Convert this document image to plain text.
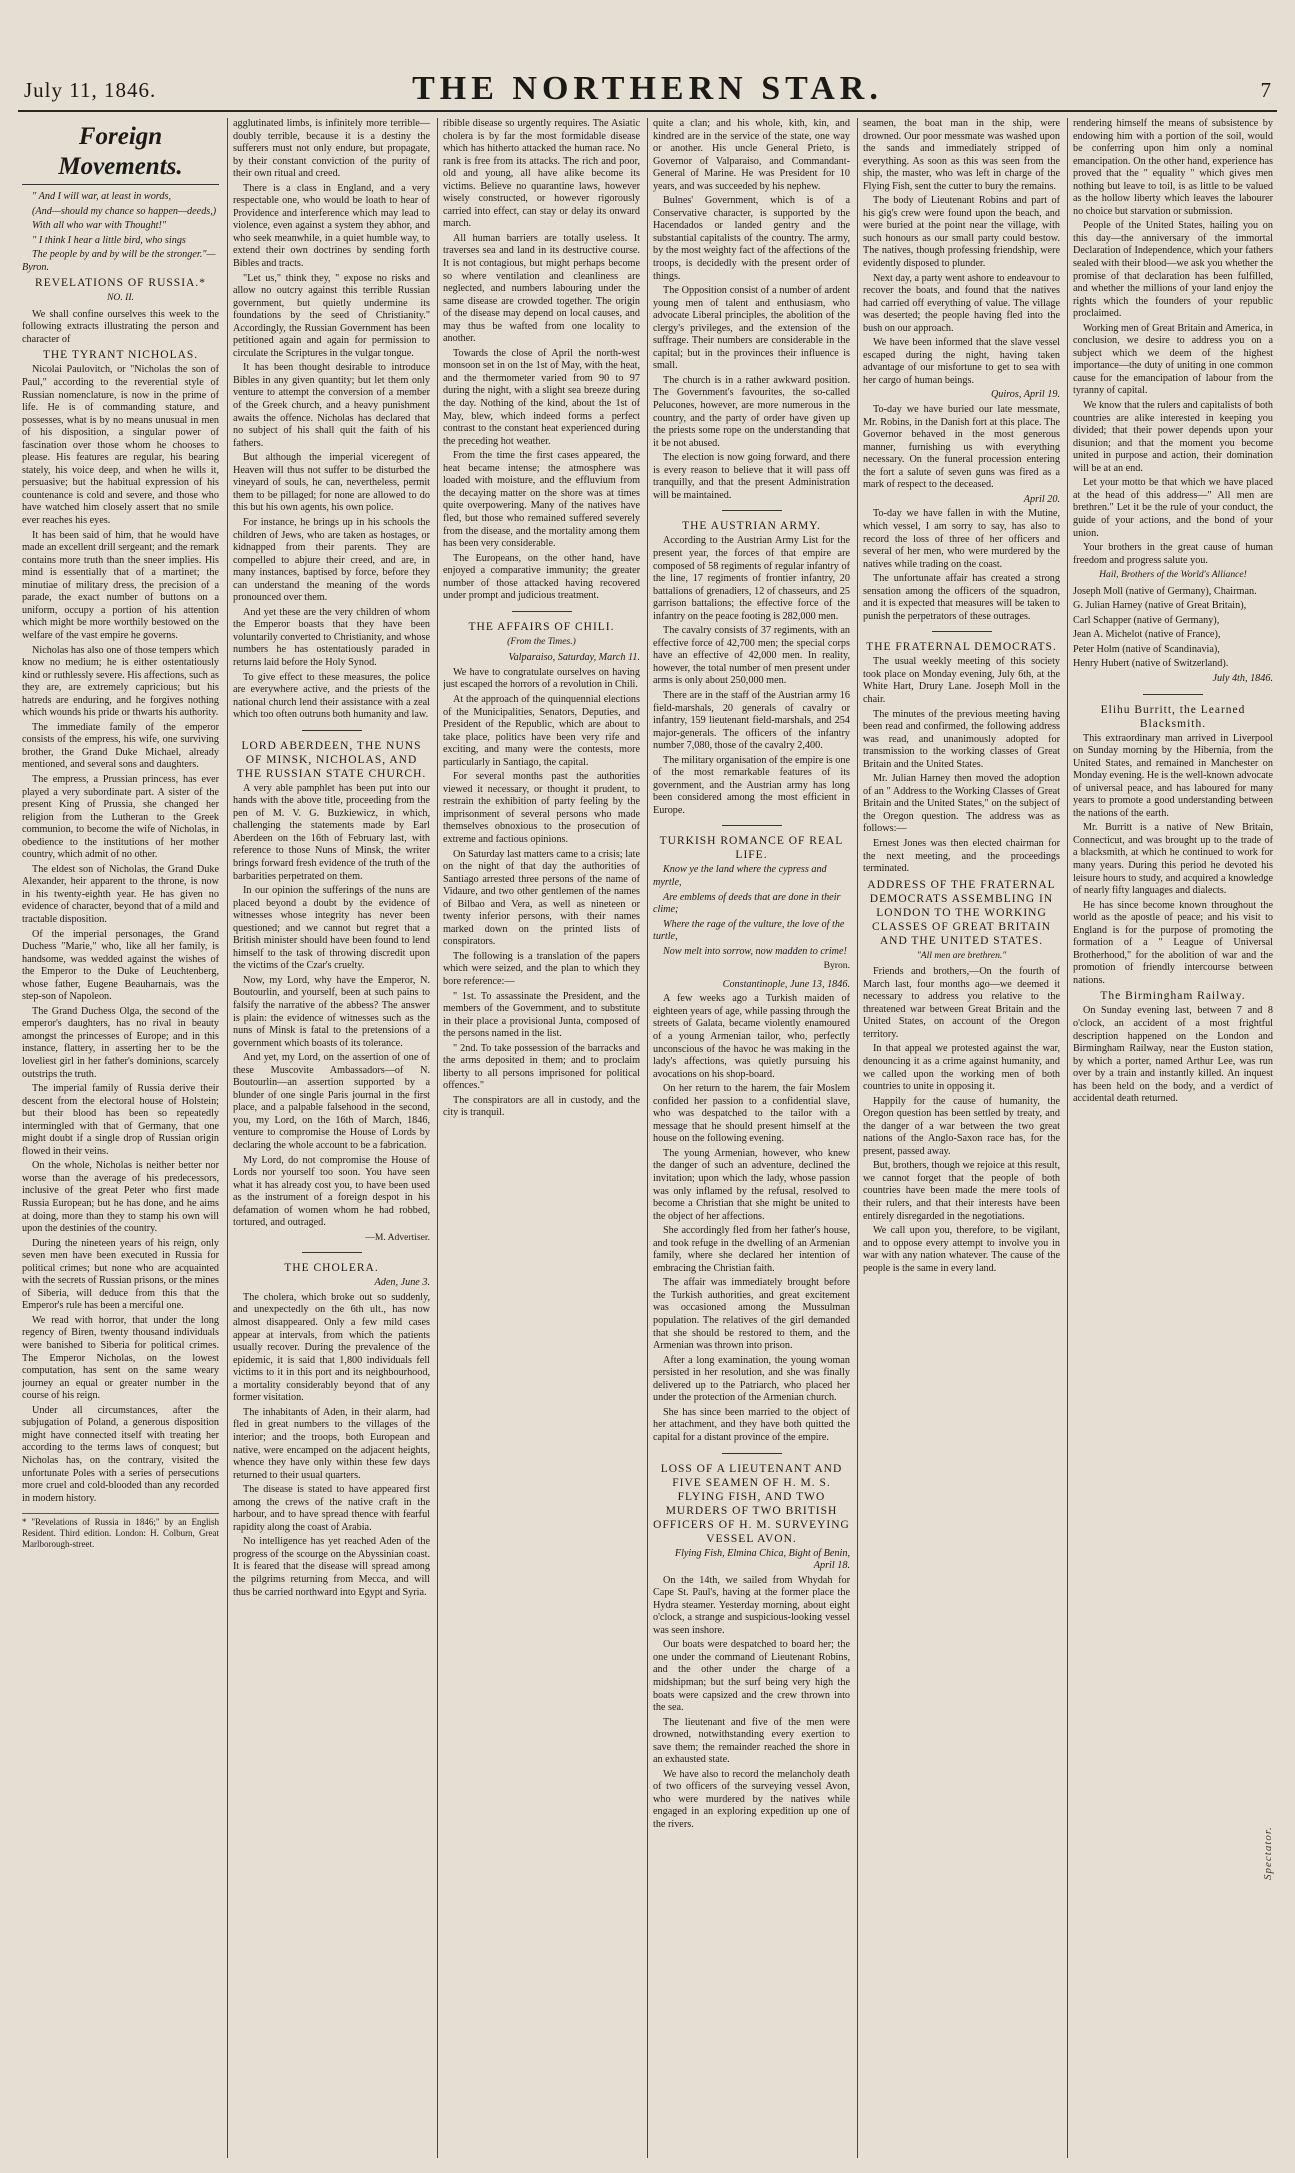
July 11, 1846.	THE NORTHERN STAR.	7
Foreign Movements.

" And I will war, at least in words,

(And—should my chance so happen—deeds,)

With all who war with Thought!"

" I think I hear a little bird, who sings

The people by and by will be the stronger."—Byron.

REVELATIONS OF RUSSIA.*

NO. II.

We shall confine ourselves this week to the following extracts illustrating the person and character of

THE TYRANT NICHOLAS.

Nicolai Paulovitch, or "Nicholas the son of Paul," according to the reverential style of Russian nomenclature, is now in the prime of life. He is of commanding stature, and possesses, what is by no means unusual in men of his disposition, a singular power of fascination over those whom he chooses to please. His features are regular, his bearing stately, his voice deep, and when he wills it, persuasive; but the habitual expression of his countenance is cold and severe, and those who have watched him closely assert that no smile ever reaches his eyes.

It has been said of him, that he would have made an excellent drill sergeant; and the remark contains more truth than the sneer implies. His mind is essentially that of a martinet; the minutiae of military dress, the precision of a parade, the exact number of buttons on a uniform, occupy a portion of his attention which might be more worthily bestowed on the welfare of the vast empire he governs.

Nicholas has also one of those tempers which know no medium; he is either ostentatiously kind or ruthlessly severe. His affections, such as they are, are extremely capricious; but his hatreds are enduring, and he forgives nothing which wounds his pride or thwarts his authority.

The immediate family of the emperor consists of the empress, his wife, one surviving brother, the Grand Duke Michael, already mentioned, and several sons and daughters.

The empress, a Prussian princess, has ever played a very subordinate part. A sister of the present King of Prussia, she changed her religion from the Lutheran to the Greek communion, to become the wife of Nicholas, in obedience to the institutions of her mother country, which admit of no other.

The eldest son of Nicholas, the Grand Duke Alexander, heir apparent to the throne, is now in his twenty-eighth year. He has given no evidence of character, beyond that of a mild and tractable disposition.

Of the imperial personages, the Grand Duchess "Marie," who, like all her family, is handsome, was wedded against the wishes of the Emperor to the Duke of Leuchtenberg, whose father, Eugene Beauharnais, was the step-son of Napoleon.

The Grand Duchess Olga, the second of the emperor's daughters, has no rival in beauty amongst the princesses of Europe; and in this instance, flattery, in asserting her to be the loveliest girl in her father's dominions, scarcely outstrips the truth.

The imperial family of Russia derive their descent from the electoral house of Holstein; but their blood has been so repeatedly intermingled with that of Germany, that one might doubt if a single drop of Russian origin flowed in their veins.

On the whole, Nicholas is neither better nor worse than the average of his predecessors, inclusive of the great Peter who first made Russia European; but he has done, and he aims at doing, more than they to stamp his own will upon the destinies of the country.

During the nineteen years of his reign, only seven men have been executed in Russia for political crimes; but none who are acquainted with the secrets of Russian prisons, or the mines of Siberia, will deduce from this that the Emperor's rule has been a merciful one.

We read with horror, that under the long regency of Biren, twenty thousand individuals were banished to Siberia for political crimes. The Emperor Nicholas, on the lowest computation, has sent on the same weary journey an equal or greater number in the course of his reign.

Under all circumstances, after the subjugation of Poland, a generous disposition might have connected itself with treating her according to the terms laws of conquest; but Nicholas has, on the contrary, visited the unfortunate Poles with a series of persecutions more cruel and cold-blooded than any recorded in modern history.

* "Revelations of Russia in 1846;" by an English Resident. Third edition. London: H. Colburn, Great Marlborough-street.

agglutinated limbs, is infinitely more terrible—doubly terrible, because it is a destiny the sufferers must not only endure, but propagate, by their constant conviction of the purity of their own ritual and creed.

There is a class in England, and a very respectable one, who would be loath to hear of Providence and interference which may lead to violence, even against a system they abhor, and who seek meanwhile, in a quiet humble way, to extend their own doctrines by sending forth Bibles and tracts.

"Let us," think they, " expose no risks and allow no outcry against this terrible Russian government, but quietly undermine its foundations by the seed of Christianity." Accordingly, the Russian Government has been petitioned again and again for permission to circulate the Scriptures in the vulgar tongue.

It has been thought desirable to introduce Bibles in any given quantity; but let them only venture to attempt the conversion of a member of the Greek church, and a heavy punishment awaits the offence. Nicholas has declared that no subject of his shall quit the faith of his fathers.

But although the imperial viceregent of Heaven will thus not suffer to be disturbed the vineyard of souls, he can, nevertheless, permit them to be pillaged; for none are allowed to do this but his own agents, his own police.

For instance, he brings up in his schools the children of Jews, who are taken as hostages, or kidnapped from their parents. They are compelled to abjure their creed, and are, in many instances, baptised by force, before they can understand the meaning of the words pronounced over them.

And yet these are the very children of whom the Emperor boasts that they have been voluntarily converted to Christianity, and whose numbers he has ostentatiously paraded in returns laid before the Holy Synod.

To give effect to these measures, the police are everywhere active, and the priests of the national church lend their assistance with a zeal which too often outruns both humanity and law.

LORD ABERDEEN, THE NUNS OF MINSK, NICHOLAS, AND THE RUSSIAN STATE CHURCH.

A very able pamphlet has been put into our hands with the above title, proceeding from the pen of M. V. G. Buzkiewicz, in which, challenging the statements made by Earl Aberdeen on the 16th of February last, with reference to those Nuns of Minsk, the writer brings forward fresh evidence of the truth of the barbarities perpetrated on them.

In our opinion the sufferings of the nuns are placed beyond a doubt by the evidence of witnesses whose integrity has never been questioned; and we cannot but regret that a British minister should have been found to lend himself to the task of throwing discredit upon the victims of the Czar's cruelty.

Now, my Lord, why have the Emperor, N. Boutourlin, and yourself, been at such pains to falsify the narrative of the abbess? The answer is plain: the evidence of witnesses such as the nuns of Minsk is fatal to the pretensions of a government which boasts of its tolerance.

And yet, my Lord, on the assertion of one of these Muscovite Ambassadors—of N. Boutourlin—an assertion supported by a blunder of one single Paris journal in the first place, and a palpable falsehood in the second, you, my Lord, on the 16th of March, 1846, venture to compromise the House of Lords by declaring the whole account to be a fabrication.

My Lord, do not compromise the House of Lords nor yourself too soon. You have seen what it has already cost you, to have been used as the instrument of a foreign despot in his defamation of women whom he had robbed, tortured, and outraged.

—M. Advertiser.

THE CHOLERA.

Aden, June 3.

The cholera, which broke out so suddenly, and unexpectedly on the 6th ult., has now almost disappeared. Only a few mild cases appear at intervals, from which the patients usually recover. During the prevalence of the epidemic, it is said that 1,800 individuals fell victims to it in this port and its neighbourhood, a mortality considerably beyond that of any former visitation.

The inhabitants of Aden, in their alarm, had fled in great numbers to the villages of the interior; and the troops, both European and native, were encamped on the adjacent heights, whence they have only within these few days returned to their usual quarters.

The disease is stated to have appeared first among the crews of the native craft in the harbour, and to have spread thence with fearful rapidity along the coast of Arabia.

No intelligence has yet reached Aden of the progress of the scourge on the Abyssinian coast. It is feared that the disease will spread among the pilgrims returning from Mecca, and will thus be carried northward into Egypt and Syria.

ribible disease so urgently requires. The Asiatic cholera is by far the most formidable disease which has hitherto attacked the human race. No rank is free from its attacks. The rich and poor, old and young, all have alike become its victims. Believe no quarantine laws, however wisely constructed, or however rigorously carried into effect, can stay or delay its onward march.

All human barriers are totally useless. It traverses sea and land in its destructive course. It is not contagious, but might perhaps become so where ventilation and cleanliness are neglected, and numbers labouring under the same disease are crowded together. The origin of the disease may depend on local causes, and may thus be wafted from one locality to another.

Towards the close of April the north-west monsoon set in on the 1st of May, with the heat, and the thermometer varied from 90 to 97 during the night, with a slight sea breeze during the day. Nothing of the kind, about the 1st of May, blew, which indeed forms a perfect contrast to the constant heat experienced during the preceding hot weather.

From the time the first cases appeared, the heat became intense; the atmosphere was loaded with moisture, and the effluvium from the decaying matter on the shore was at times quite overpowering. Many of the natives have fled, but those who remained suffered severely from the disease, and the mortality among them has been very considerable.

The Europeans, on the other hand, have enjoyed a comparative immunity; the greater number of those attacked having recovered under prompt and judicious treatment.

THE AFFAIRS OF CHILI.

(From the Times.)
Valparaiso, Saturday, March 11.

We have to congratulate ourselves on having just escaped the horrors of a revolution in Chili.

At the approach of the quinquennial elections of the Municipalities, Senators, Deputies, and President of the Republic, which are about to take place, politics have been very rife and exciting, and many were the contests, more particularly in Santiago, the capital.

For several months past the authorities viewed it necessary, or thought it prudent, to restrain the exhibition of party feeling by the imprisonment of several persons who made themselves obnoxious to the prosecution of extreme and factious opinions.

On Saturday last matters came to a crisis; late on the night of that day the authorities of Santiago arrested three persons of the name of Vidaure, and two other gentlemen of the names of Bilbao and Vera, as well as nineteen or twenty inferior persons, with their names marked down on the printed lists of conspirators.

The following is a translation of the papers which were seized, and the plan to which they bore reference:—

" 1st. To assassinate the President, and the members of the Government, and to substitute in their place a provisional Junta, composed of the persons named in the list.

" 2nd. To take possession of the barracks and the arms deposited in them; and to proclaim liberty to all persons imprisoned for political offences."

The conspirators are all in custody, and the city is tranquil.

quite a clan; and his whole, kith, kin, and kindred are in the service of the state, one way or another. His uncle General Prieto, is Governor of Valparaiso, and Commandant-General of Marine. He was President for 10 years, and was succeeded by his nephew.

Bulnes' Government, which is of a Conservative character, is supported by the Hacendados or landed gentry and the substantial capitalists of the country. The army, by the most weighty fact of the affections of the troops, is decidedly with the present order of things.

The Opposition consist of a number of ardent young men of talent and enthusiasm, who advocate Liberal principles, the abolition of the clergy's privileges, and the extension of the suffrage. Their numbers are considerable in the capital; but in the provinces their influence is small.

The church is in a rather awkward position. The Government's favourites, the so-called Pelucones, however, are more numerous in the country, and the party of order have given up the priests some rope on the understanding that it be not abused.

The election is now going forward, and there is every reason to believe that it will pass off tranquilly, and that the present Administration will be maintained.

THE AUSTRIAN ARMY.

According to the Austrian Army List for the present year, the forces of that empire are composed of 58 regiments of regular infantry of the line, 17 regiments of frontier infantry, 20 battalions of grenadiers, 12 of chasseurs, and 25 garrison battalions; the effective force of the infantry on the peace footing is 282,000 men.

The cavalry consists of 37 regiments, with an effective force of 42,700 men; the special corps have an effective of 42,000 men. In reality, however, the total number of men present under arms is only about 250,000 men.

There are in the staff of the Austrian army 16 field-marshals, 20 generals of cavalry or infantry, 159 lieutenant field-marshals, and 254 major-generals. The officers of the infantry number 7,080, those of the cavalry 2,400.

The military organisation of the empire is one of the most remarkable features of its government, and the Austrian army has long been considered among the most efficient in Europe.

TURKISH ROMANCE OF REAL LIFE.

Know ye the land where the cypress and myrtle,

Are emblems of deeds that are done in their clime;

Where the rage of the vulture, the love of the turtle,

Now melt into sorrow, now madden to crime!

Byron.
Constantinople, June 13, 1846.

A few weeks ago a Turkish maiden of eighteen years of age, while passing through the streets of Galata, became violently enamoured of a young Armenian tailor, who, perfectly unconscious of the havoc he was making in the lady's affections, was quietly pursuing his avocations on his shop-board.

On her return to the harem, the fair Moslem confided her passion to a confidential slave, who was despatched to the tailor with a message that he should present himself at the house on the following evening.

The young Armenian, however, who knew the danger of such an adventure, declined the invitation; upon which the lady, whose passion was only inflamed by the refusal, resolved to become a Christian that she might be united to the object of her affections.

She accordingly fled from her father's house, and took refuge in the dwelling of an Armenian family, where she declared her intention of embracing the Christian faith.

The affair was immediately brought before the Turkish authorities, and great excitement was occasioned among the Mussulman population. The relatives of the girl demanded that she should be restored to them, and the Armenian was thrown into prison.

After a long examination, the young woman persisted in her resolution, and she was finally delivered up to the Patriarch, who placed her under the protection of the Armenian church.

She has since been married to the object of her attachment, and they have both quitted the capital for a distant province of the empire.

LOSS OF A LIEUTENANT AND FIVE SEAMEN OF H. M. S. FLYING FISH, AND TWO MURDERS OF TWO BRITISH OFFICERS OF H. M. SURVEYING VESSEL AVON.

Flying Fish, Elmina Chica, Bight of Benin, April 18.

On the 14th, we sailed from Whydah for Cape St. Paul's, having at the former place the Hydra steamer. Yesterday morning, about eight o'clock, a strange and suspicious-looking vessel was seen inshore.

Our boats were despatched to board her; the one under the command of Lieutenant Robins, and the other under the charge of a midshipman; but the surf being very high the boats were capsized and the crew thrown into the sea.

The lieutenant and five of the men were drowned, notwithstanding every exertion to save them; the remainder reached the shore in an exhausted state.

We have also to record the melancholy death of two officers of the surveying vessel Avon, who were murdered by the natives while engaged in an exploring expedition up one of the rivers.

seamen, the boat man in the ship, were drowned. Our poor messmate was washed upon the sands and immediately stripped of everything. As soon as this was seen from the ship, the master, who was left in charge of the Flying Fish, sent the cutter to bury the remains.

The body of Lieutenant Robins and part of his gig's crew were found upon the beach, and were buried at the point near the village, with such honours as our small party could bestow. The natives, though professing friendship, were evidently disposed to plunder.

Next day, a party went ashore to endeavour to recover the boats, and found that the natives had carried off everything of value. The village was deserted; the people having fled into the bush on our approach.

We have been informed that the slave vessel escaped during the night, having taken advantage of our misfortune to get to sea with her cargo of human beings.

Quiros, April 19.

To-day we have buried our late messmate, Mr. Robins, in the Danish fort at this place. The Governor behaved in the most generous manner, furnishing us with everything necessary. On the funeral procession entering the fort a salute of seven guns was fired as a mark of respect to the deceased.

April 20.

To-day we have fallen in with the Mutine, which vessel, I am sorry to say, has also to record the loss of three of her officers and several of her men, who were murdered by the natives while trading on the coast.

The unfortunate affair has created a strong sensation among the officers of the squadron, and it is expected that measures will be taken to punish the perpetrators of these outrages.

THE FRATERNAL DEMOCRATS.

The usual weekly meeting of this society took place on Monday evening, July 6th, at the White Hart, Drury Lane. Joseph Moll in the chair.

The minutes of the previous meeting having been read and confirmed, the following address was read, and unanimously adopted for transmission to the working classes of Great Britain and the United States.

Mr. Julian Harney then moved the adoption of an " Address to the Working Classes of Great Britain and the United States," on the subject of the Oregon question. The address was as follows:—

Ernest Jones was then elected chairman for the next meeting, and the proceedings terminated.

ADDRESS OF THE FRATERNAL DEMOCRATS ASSEMBLING IN LONDON TO THE WORKING CLASSES OF GREAT BRITAIN AND THE UNITED STATES.

"All men are brethren."

Friends and brothers,—On the fourth of March last, four months ago—we deemed it necessary to address you relative to the threatened war between Great Britain and the United States, on account of the Oregon territory.

In that appeal we protested against the war, denouncing it as a crime against humanity, and we called upon the working men of both countries to unite in opposing it.

Happily for the cause of humanity, the Oregon question has been settled by treaty, and the danger of a war between the two great nations of the Anglo-Saxon race has, for the present, passed away.

But, brothers, though we rejoice at this result, we cannot forget that the people of both countries have been made the mere tools of their rulers, and that their interests have been entirely disregarded in the negotiations.

We call upon you, therefore, to be vigilant, and to oppose every attempt to involve you in war with any nation whatever. The cause of the people is the same in every land.

rendering himself the means of subsistence by endowing him with a portion of the soil, would be conferring upon him only a nominal emancipation. On the other hand, experience has proved that the " equality " which gives men nothing but leave to toil, is as little to be valued as the hollow liberty which leaves the labourer no choice but starvation or submission.

People of the United States, hailing you on this day—the anniversary of the immortal Declaration of Independence, which your fathers sealed with their blood—we ask you whether the promise of that declaration has been fulfilled, and whether the millions of your land enjoy the rights which the founders of your republic proclaimed.

Working men of Great Britain and America, in conclusion, we desire to address you on a subject which we deem of the highest importance—the duty of uniting in one common cause for the emancipation of labour from the tyranny of capital.

We know that the rulers and capitalists of both countries are alike interested in keeping you divided; that their power depends upon your disunion; and that the moment you become united in purpose and action, their domination will be at an end.

Let your motto be that which we have placed at the head of this address—" All men are brethren." Let it be the rule of your conduct, the guide of your actions, and the bond of your union.

Your brothers in the great cause of human freedom and progress salute you.

Hail, Brothers of the World's Alliance!

Joseph Moll (native of Germany), Chairman.

G. Julian Harney (native of Great Britain),

Carl Schapper (native of Germany),

Jean A. Michelot (native of France),

Peter Holm (native of Scandinavia),

Henry Hubert (native of Switzerland).

July 4th, 1846.

Elihu Burritt, the Learned Blacksmith.

This extraordinary man arrived in Liverpool on Sunday morning by the Hibernia, from the United States, and remained in Manchester on Monday evening. He is the well-known advocate of universal peace, and has laboured for many years to promote a good understanding between the nations of the earth.

Mr. Burritt is a native of New Britain, Connecticut, and was brought up to the trade of a blacksmith, at which he continued to work for many years. During this period he devoted his leisure hours to study, and acquired a knowledge of nearly fifty languages and dialects.

He has since become known throughout the world as the apostle of peace; and his visit to England is for the purpose of promoting the formation of a " League of Universal Brotherhood," for the abolition of war and the promotion of friendly intercourse between nations.

The Birmingham Railway.

On Sunday evening last, between 7 and 8 o'clock, an accident of a most frightful description happened on the London and Birmingham Railway, near the Euston station, by which a porter, named Arthur Lee, was run over by a train and instantly killed. An inquest has been held on the body, and a verdict of accidental death returned.

Spectator.
